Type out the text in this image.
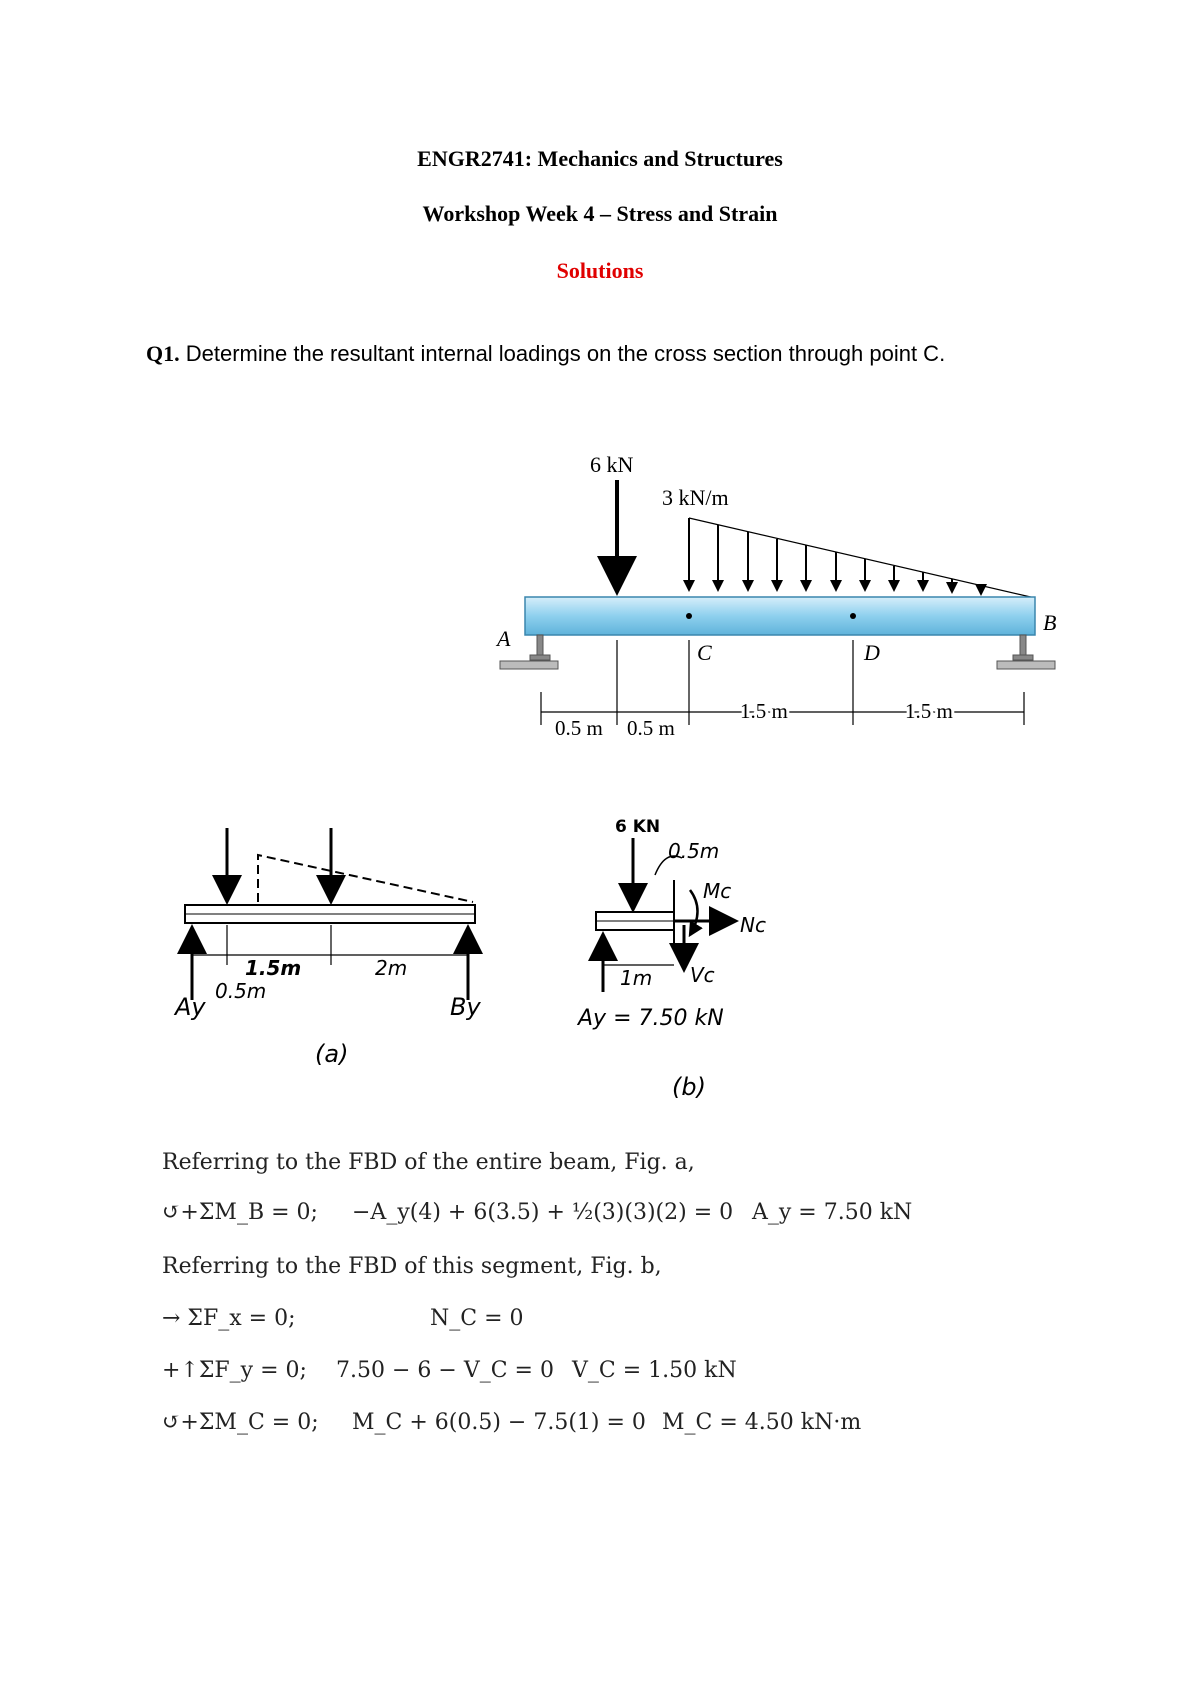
ENGR2741: Mechanics and Structures
Workshop Week 4 – Stress and Strain
Solutions
Q1. Determine the resultant internal loadings on the cross section through point C.
6 kN
3 kN/m
A
B
C	D
0.5 m 0.5 m
1.5 m	1.5 m
1.5m
0.5m
2m
Ay	By
(a)
6 KN
0.5m
Mc
Nc
Vc
1m
Ay = 7.50 kN
(b)
Referring to the FBD of the entire beam, Fig. a,
↺+ΣM_B = 0; −A_y(4) + 6(3.5) + ½(3)(3)(2) = 0 A_y = 7.50 kN
Referring to the FBD of this segment, Fig. b,
→ ΣF_x = 0;	N_C = 0
+↑ΣF_y = 0; 7.50 − 6 − V_C = 0 V_C = 1.50 kN
↺+ΣM_C = 0; M_C + 6(0.5) − 7.5(1) = 0 M_C = 4.50 kN·m
